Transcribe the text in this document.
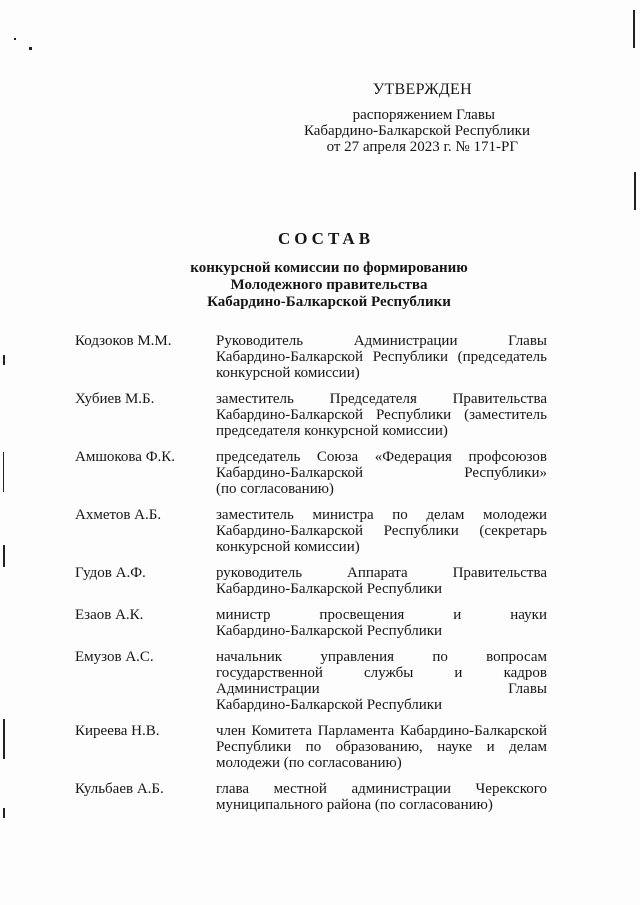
УТВЕРЖДЕН
распоряжением Главы
Кабардино-Балкарской Республики
от 27 апреля 2023 г. № 171-РГ
СОСТАВ
конкурсной комиссии по формированию
Молодежного правительства
Кабардино-Балкарской Республики
Кодзоков М.М.	Руководитель Администрации Главы
Кабардино-Балкарской Республики (председатель
конкурсной комиссии)
Хубиев М.Б.	заместитель Председателя Правительства
Кабардино-Балкарской Республики (заместитель
председателя конкурсной комиссии)
Амшокова Ф.К.	председатель Союза «Федерация профсоюзов
Кабардино-Балкарской Республики»
(по согласованию)
Ахметов А.Б.	заместитель министра по делам молодежи
Кабардино-Балкарской Республики (секретарь
конкурсной комиссии)
Гудов А.Ф.	руководитель Аппарата Правительства
Кабардино-Балкарской Республики
Езаов А.К.	министр просвещения и науки
Кабардино-Балкарской Республики
Емузов А.С.	начальник управления по вопросам
государственной службы и кадров
Администрации Главы
Кабардино-Балкарской Республики
Киреева Н.В.	член Комитета Парламента Кабардино-Балкарской
Республики по образованию, науке и делам
молодежи (по согласованию)
Кульбаев А.Б.	глава местной администрации Черекского
муниципального района (по согласованию)
